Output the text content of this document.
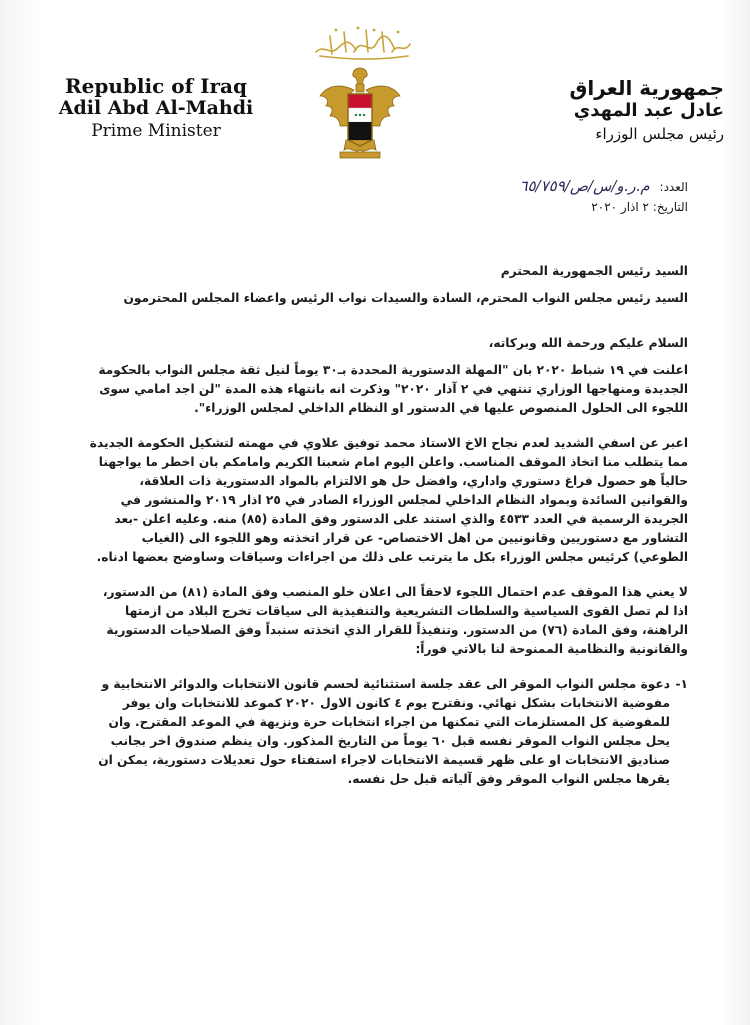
Republic of Iraq
Adil Abd Al-Mahdi
Prime Minister
جمهورية العراق
عادل عبد المهدي
رئيس مجلس الوزراء
العدد: م.ر.و/س/ص/٦٥/٧٥٩
التاريخ: ٢ اذار ٢٠٢٠

السيد رئيس الجمهورية المحترم

السيد رئيس مجلس النواب المحترم، السادة والسيدات نواب الرئيس واعضاء المجلس المحترمون

السلام عليكم ورحمة الله وبركاته،

اعلنت في ١٩ شباط ٢٠٢٠ بان "المهلة الدستورية المحددة بـ٣٠ يوماً لنيل ثقة مجلس النواب بالحكومة الجديدة ومنهاجها الوزاري تنتهي في ٢ آذار ٢٠٢٠" وذكرت انه بانتهاء هذه المدة "لن اجد امامي سوى اللجوء الى الحلول المنصوص عليها في الدستور او النظام الداخلي لمجلس الوزراء".

اعبر عن اسفي الشديد لعدم نجاح الاخ الاستاذ محمد توفيق علاوي في مهمته لتشكيل الحكومة الجديدة مما يتطلب منا اتخاذ الموقف المناسب. واعلن اليوم امام شعبنا الكريم وامامكم بان اخطر ما يواجهنا حالياً هو حصول فراغ دستوري واداري، وافضل حل هو الالتزام بالمواد الدستورية ذات العلاقة، والقوانين السائدة وبمواد النظام الداخلي لمجلس الوزراء الصادر في ٢٥ اذار ٢٠١٩ والمنشور في الجريدة الرسمية في العدد ٤٥٣٣ والذي استند على الدستور وفق المادة (٨٥) منه. وعليه اعلن -بعد التشاور مع دستوريين وقانونيين من اهل الاختصاص- عن قرار اتخذته وهو اللجوء الى (الغياب الطوعي) كرئيس مجلس الوزراء بكل ما يترتب على ذلك من اجراءات وسياقات وساوضح بعضها ادناه.

لا يعني هذا الموقف عدم احتمال اللجوء لاحقاً الى اعلان خلو المنصب وفق المادة (٨١) من الدستور، اذا لم تصل القوى السياسية والسلطات التشريعية والتنفيذية الى سياقات تخرج البلاد من ازمتها الراهنة، وفق المادة (٧٦) من الدستور. وتنفيذاً للقرار الذي اتخذته سنبداً وفق الصلاحيات الدستورية والقانونية والنظامية الممنوحة لنا بالاتي فوراً:

١-
دعوة مجلس النواب الموقر الى عقد جلسة استثنائية لحسم قانون الانتخابات والدوائر الانتخابية و مفوضية الانتخابات بشكل نهائي. ونقترح يوم ٤ كانون الاول ٢٠٢٠ كموعد للانتخابات وان يوفر للمفوضية كل المستلزمات التي تمكنها من اجراء انتخابات حرة ونزيهة في الموعد المقترح. وان يحل مجلس النواب الموقر نفسه قبل ٦٠ يوماً من التاريخ المذكور. وان ينظم صندوق اخر بجانب صناديق الانتخابات او على ظهر قسيمة الانتخابات لاجراء استفتاء حول تعديلات دستورية، يمكن ان يقرها مجلس النواب الموقر وفق آلياته قبل حل نفسه.
